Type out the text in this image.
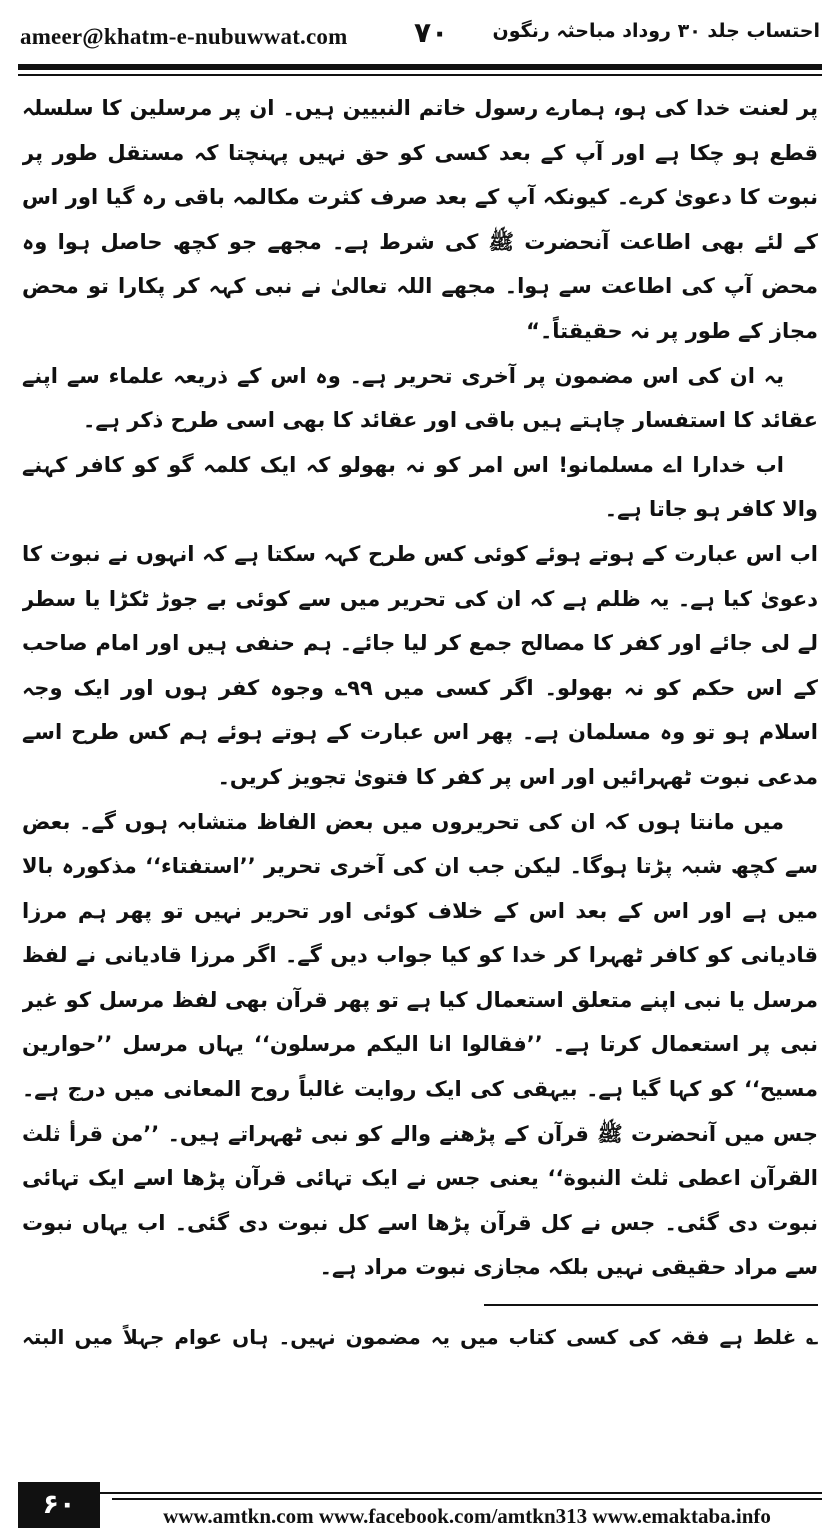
ameer@khatm-e-nubuwwat.com ۷۰ احتساب جلد ۳۰ روداد مباحثہ رنگون

پر لعنت خدا کی ہو، ہمارے رسول خاتم النبیین ہیں۔ ان پر مرسلین کا سلسلہ قطع ہو چکا ہے اور آپ کے بعد کسی کو حق نہیں پہنچتا کہ مستقل طور پر نبوت کا دعویٰ کرے۔ کیونکہ آپ کے بعد صرف کثرت مکالمہ باقی رہ گیا اور اس کے لئے بھی اطاعت آنحضرت ﷺ کی شرط ہے۔ مجھے جو کچھ حاصل ہوا وہ محض آپ کی اطاعت سے ہوا۔ مجھے اللہ تعالیٰ نے نبی کہہ کر پکارا تو محض مجاز کے طور پر نہ حقیقتاً۔“

یہ ان کی اس مضمون پر آخری تحریر ہے۔ وہ اس کے ذریعہ علماء سے اپنے عقائد کا استفسار چاہتے ہیں باقی اور عقائد کا بھی اسی طرح ذکر ہے۔

اب خدارا اے مسلمانو! اس امر کو نہ بھولو کہ ایک کلمہ گو کو کافر کہنے والا کافر ہو جاتا ہے۔

اب اس عبارت کے ہوتے ہوئے کوئی کس طرح کہہ سکتا ہے کہ انہوں نے نبوت کا دعویٰ کیا ہے۔ یہ ظلم ہے کہ ان کی تحریر میں سے کوئی بے جوڑ ٹکڑا یا سطر لے لی جائے اور کفر کا مصالح جمع کر لیا جائے۔ ہم حنفی ہیں اور امام صاحب کے اس حکم کو نہ بھولو۔ اگر کسی میں ۹۹؎ وجوہ کفر ہوں اور ایک وجہ اسلام ہو تو وہ مسلمان ہے۔ پھر اس عبارت کے ہوتے ہوئے ہم کس طرح اسے مدعی نبوت ٹھہرائیں اور اس پر کفر کا فتویٰ تجویز کریں۔

میں مانتا ہوں کہ ان کی تحریروں میں بعض الفاظ متشابہ ہوں گے۔ بعض سے کچھ شبہ پڑتا ہوگا۔ لیکن جب ان کی آخری تحریر ’’استفتاء‘‘ مذکورہ بالا میں ہے اور اس کے بعد اس کے خلاف کوئی اور تحریر نہیں تو پھر ہم مرزا قادیانی کو کافر ٹھہرا کر خدا کو کیا جواب دیں گے۔ اگر مرزا قادیانی نے لفظ مرسل یا نبی اپنے متعلق استعمال کیا ہے تو پھر قرآن بھی لفظ مرسل کو غیر نبی پر استعمال کرتا ہے۔ ’’فقالوا انا الیکم مرسلون‘‘ یہاں مرسل ’’حوارین مسیح‘‘ کو کہا گیا ہے۔ بیہقی کی ایک روایت غالباً روح المعانی میں درج ہے۔ جس میں آنحضرت ﷺ قرآن کے پڑھنے والے کو نبی ٹھہراتے ہیں۔ ’’من قرأ ثلث القرآن اعطی ثلث النبوة‘‘ یعنی جس نے ایک تہائی قرآن پڑھا اسے ایک تہائی نبوت دی گئی۔ جس نے کل قرآن پڑھا اسے کل نبوت دی گئی۔ اب یہاں نبوت سے مراد حقیقی نہیں بلکہ مجازی نبوت مراد ہے۔

؎ غلط ہے فقہ کی کسی کتاب میں یہ مضمون نہیں۔ ہاں عوام جہلاً میں البتہ

۶۰	www.amtkn.com www.facebook.com/amtkn313 www.emaktaba.info
